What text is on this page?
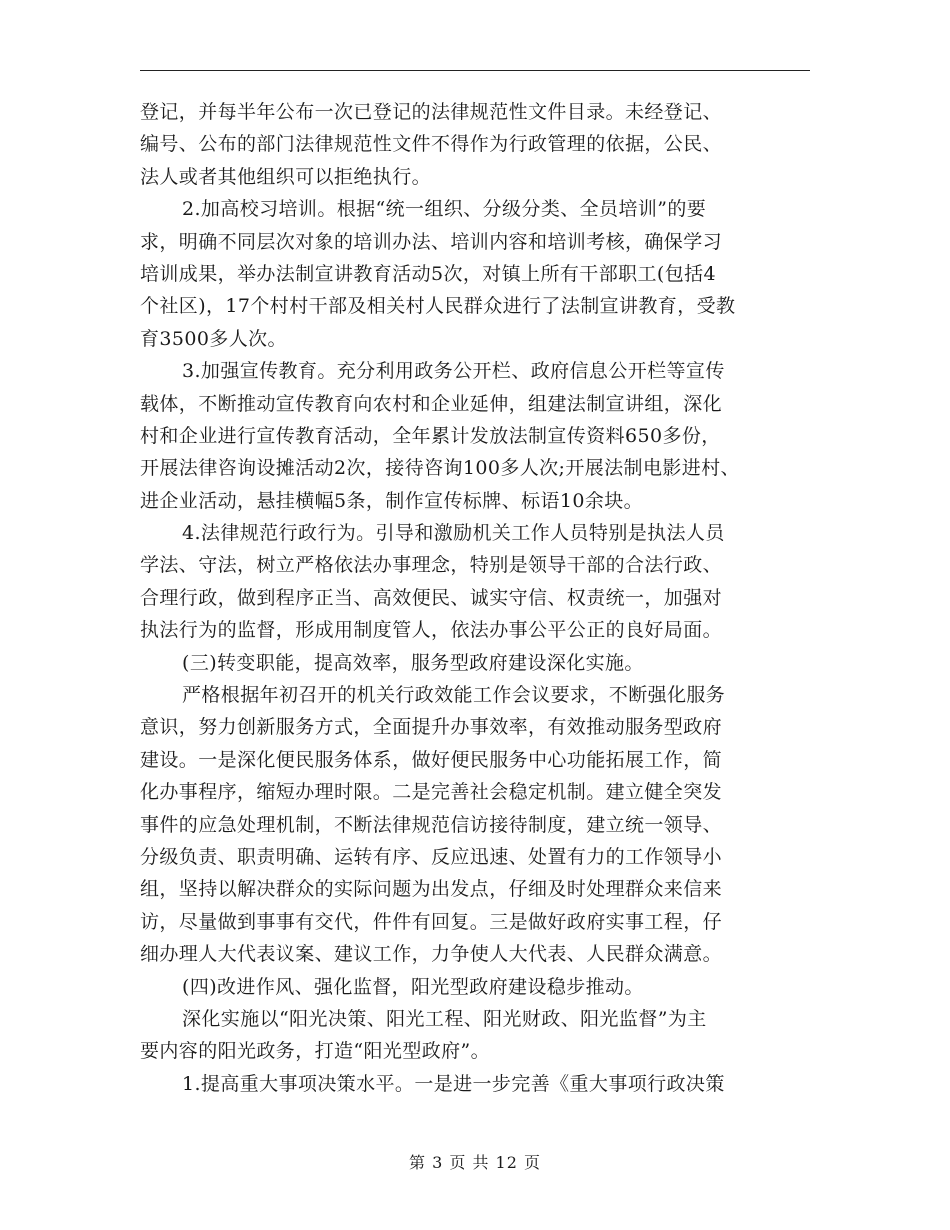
登记，并每半年公布一次已登记的法律规范性文件目录。未经登记、
编号、公布的部门法律规范性文件不得作为行政管理的依据，公民、
法人或者其他组织可以拒绝执行。
2.加高校习培训。根据“统一组织、分级分类、全员培训”的要
求，明确不同层次对象的培训办法、培训内容和培训考核，确保学习
培训成果，举办法制宣讲教育活动5次，对镇上所有干部职工(包括4
个社区)，17个村村干部及相关村人民群众进行了法制宣讲教育，受教
育3500多人次。
3.加强宣传教育。充分利用政务公开栏、政府信息公开栏等宣传
载体，不断推动宣传教育向农村和企业延伸，组建法制宣讲组，深化
村和企业进行宣传教育活动，全年累计发放法制宣传资料650多份，
开展法律咨询设摊活动2次，接待咨询100多人次;开展法制电影进村、
进企业活动，悬挂横幅5条，制作宣传标牌、标语10余块。
4.法律规范行政行为。引导和激励机关工作人员特别是执法人员
学法、守法，树立严格依法办事理念，特别是领导干部的合法行政、
合理行政，做到程序正当、高效便民、诚实守信、权责统一，加强对
执法行为的监督，形成用制度管人，依法办事公平公正的良好局面。
(三)转变职能，提高效率，服务型政府建设深化实施。
严格根据年初召开的机关行政效能工作会议要求，不断强化服务
意识，努力创新服务方式，全面提升办事效率，有效推动服务型政府
建设。一是深化便民服务体系，做好便民服务中心功能拓展工作，简
化办事程序，缩短办理时限。二是完善社会稳定机制。建立健全突发
事件的应急处理机制，不断法律规范信访接待制度，建立统一领导、
分级负责、职责明确、运转有序、反应迅速、处置有力的工作领导小
组，坚持以解决群众的实际问题为出发点，仔细及时处理群众来信来
访，尽量做到事事有交代，件件有回复。三是做好政府实事工程，仔
细办理人大代表议案、建议工作，力争使人大代表、人民群众满意。
(四)改进作风、强化监督，阳光型政府建设稳步推动。
深化实施以“阳光决策、阳光工程、阳光财政、阳光监督”为主
要内容的阳光政务，打造“阳光型政府”。
1.提高重大事项决策水平。一是进一步完善《重大事项行政决策
第 3 页 共 12 页
